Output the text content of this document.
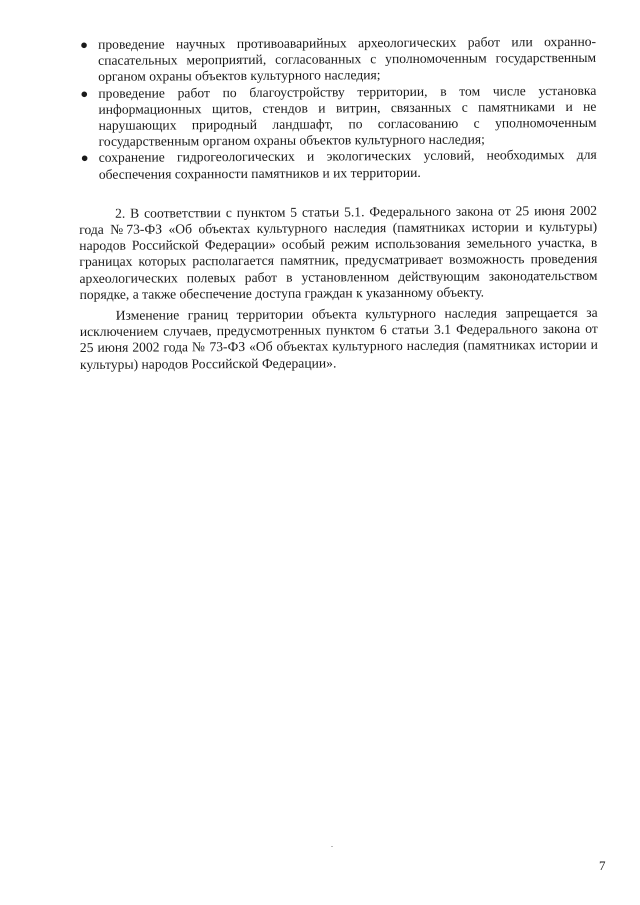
● проведение научных противоаварийных археологических работ или охранно-спасательных мероприятий, согласованных с уполномоченным государственным органом охраны объектов культурного наследия;
● проведение работ по благоустройству территории, в том числе установка информационных щитов, стендов и витрин, связанных с памятниками и не нарушающих природный ландшафт, по согласованию с уполномоченным государственным органом охраны объектов культурного наследия;
● сохранение гидрогеологических и экологических условий, необходимых для обеспечения сохранности памятников и их территории.

2. В соответствии с пунктом 5 статьи 5.1. Федерального закона от 25 июня 2002 года №73-ФЗ «Об объектах культурного наследия (памятниках истории и культуры) народов Российской Федерации» особый режим использования земельного участка, в границах которых располагается памятник, предусматривает возможность проведения археологических полевых работ в установленном действующим законодательством порядке, а также обеспечение доступа граждан к указанному объекту.

Изменение границ территории объекта культурного наследия запрещается за исключением случаев, предусмотренных пунктом 6 статьи 3.1 Федерального закона от 25 июня 2002 года № 73-ФЗ «Об объектах культурного наследия (памятниках истории и культуры) народов Российской Федерации».

7
